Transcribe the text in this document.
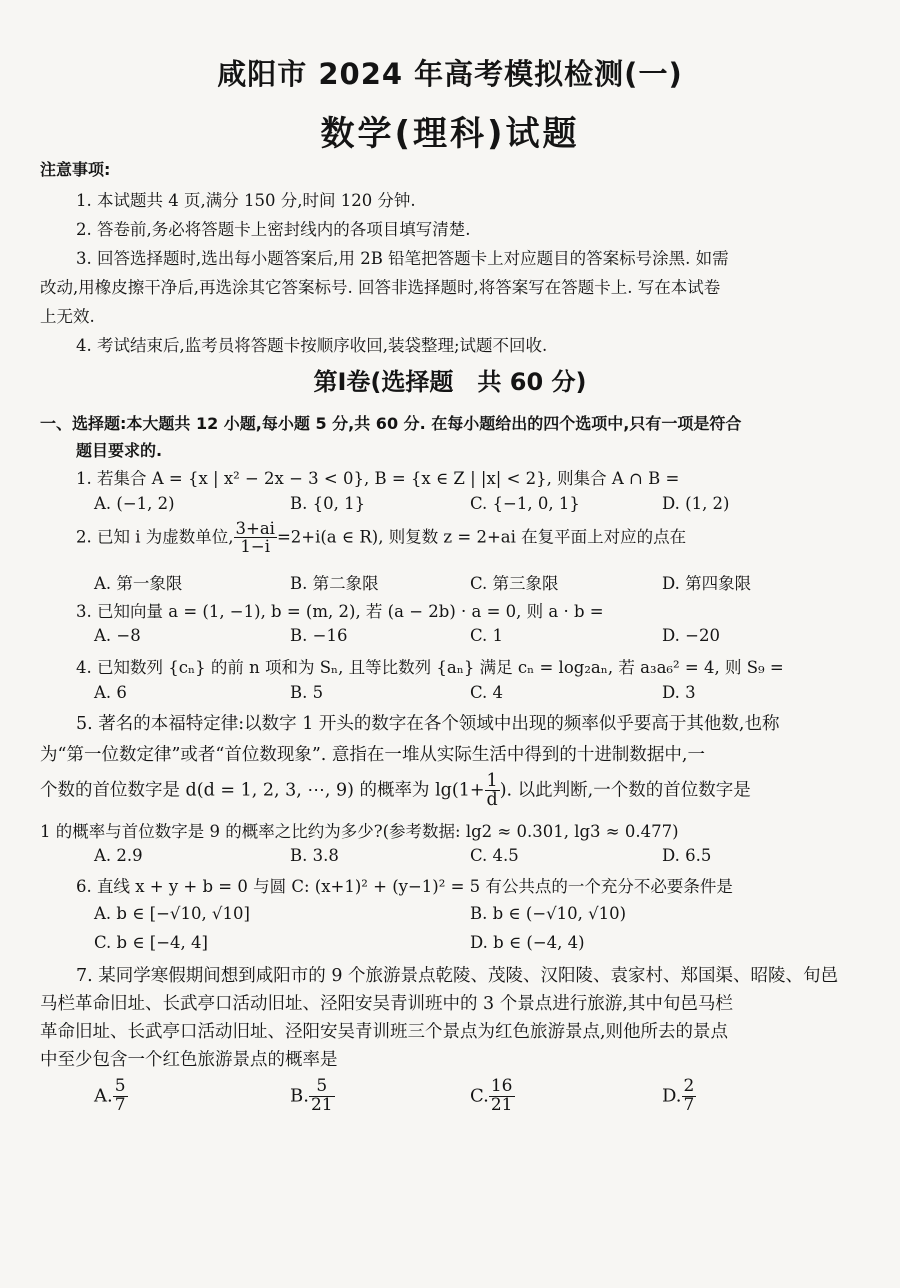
咸阳市 2024 年高考模拟检测(一)
数学(理科)试题
注意事项:
1. 本试题共 4 页,满分 150 分,时间 120 分钟.
2. 答卷前,务必将答题卡上密封线内的各项目填写清楚.
3. 回答选择题时,选出每小题答案后,用 2B 铅笔把答题卡上对应题目的答案标号涂黑. 如需
改动,用橡皮擦干净后,再选涂其它答案标号. 回答非选择题时,将答案写在答题卡上. 写在本试卷
上无效.
4. 考试结束后,监考员将答题卡按顺序收回,装袋整理;试题不回收.
第Ⅰ卷(选择题　共 60 分)
一、选择题:本大题共 12 小题,每小题 5 分,共 60 分. 在每小题给出的四个选项中,只有一项是符合
题目要求的.
1. 若集合 A = {x | x² − 2x − 3 < 0}, B = {x ∈ Z | |x| < 2}, 则集合 A ∩ B =
A. (−1, 2)	B. {0, 1}	C. {−1, 0, 1}	D. (1, 2)
2. 已知 i 为虚数单位, $\frac{3+ai}{1-i} =2+i(a$ ∈ R), 则复数 z = 2+ai 在复平面上对应的点在
A. 第一象限	B. 第二象限	C. 第三象限	D. 第四象限
3. 已知向量 a = (1, −1), b = (m, 2), 若 (a − 2b) · a = 0, 则 a · b =
A. −8	B. −16	C. 1	D. −20
4. 已知数列 {cₙ} 的前 n 项和为 Sₙ, 且等比数列 {aₙ} 满足 cₙ = log₂aₙ, 若 a₃a₆² = 4, 则 S₉ =
A. 6	B. 5	C. 4	D. 3
5. 著名的本福特定律:以数字 1 开头的数字在各个领域中出现的频率似乎要高于其他数,也称
为“第一位数定律”或者“首位数现象”. 意指在一堆从实际生活中得到的十进制数据中,一
个数的首位数字是 d(d = 1, 2, 3, ⋯, 9) 的概率为 $\lg(1+ \frac{1}{d}$ ). 以此判断,一个数的首位数字是
1 的概率与首位数字是 9 的概率之比约为多少?(参考数据: lg2 ≈ 0.301, lg3 ≈ 0.477)
A. 2.9	B. 3.8	C. 4.5	D. 6.5
6. 直线 x + y + b = 0 与圆 C: (x+1)² + (y−1)² = 5 有公共点的一个充分不必要条件是
A. b ∈ [−√10, √10]	B. b ∈ (−√10, √10)
C. b ∈ [−4, 4]	D. b ∈ (−4, 4)
7. 某同学寒假期间想到咸阳市的 9 个旅游景点乾陵、茂陵、汉阳陵、袁家村、郑国渠、昭陵、旬邑
马栏革命旧址、长武亭口活动旧址、泾阳安吴青训班中的 3 个景点进行旅游,其中旬邑马栏
革命旧址、长武亭口活动旧址、泾阳安吴青训班三个景点为红色旅游景点,则他所去的景点
中至少包含一个红色旅游景点的概率是
A. $\frac{5}{7}$	B. $\frac{5}{21}$	C. $\frac{16}{21}$	D. $\frac{2}{7}$
